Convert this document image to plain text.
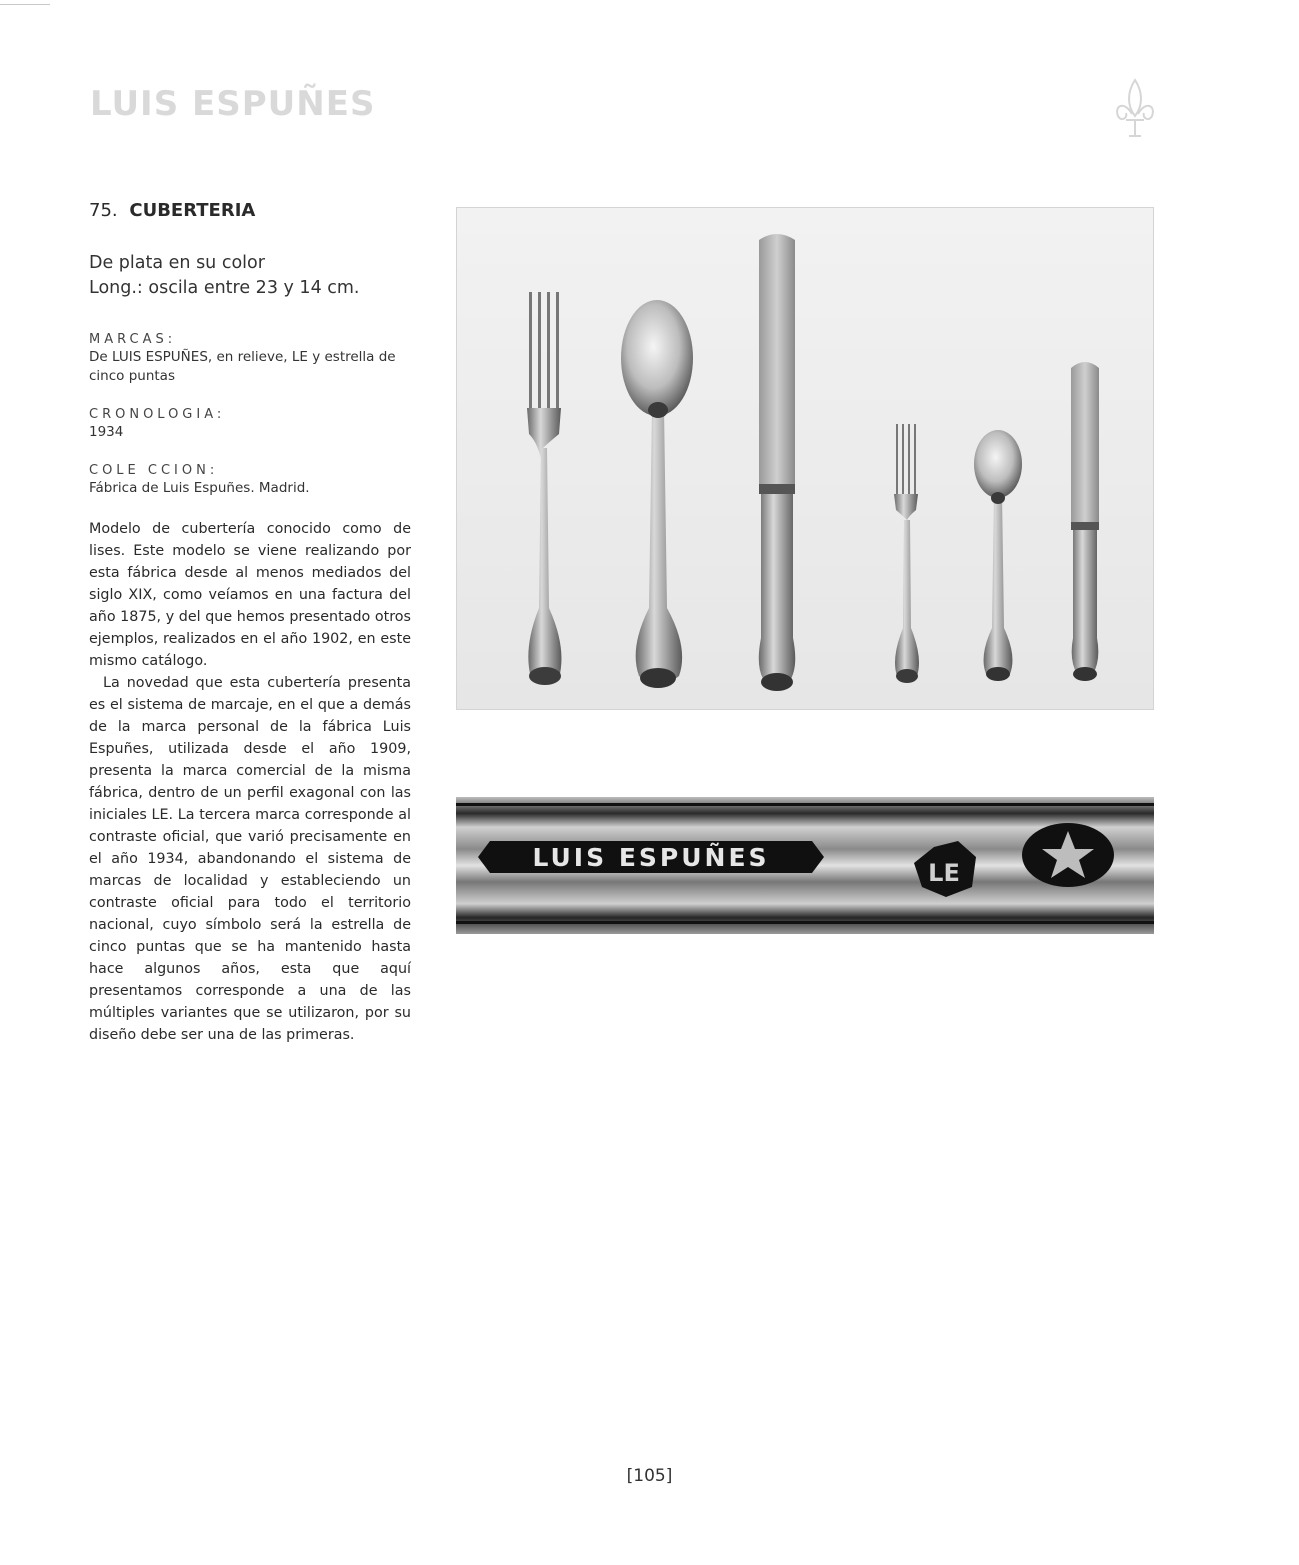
LUIS ESPUÑES
75. CUBERTERIA
De plata en su color
Long.: oscila entre 23 y 14 cm.

MARCAS:

De LUIS ESPUÑES, en relieve, LE y estrella de cinco puntas

CRONOLOGIA:

1934

COLE CCION:

Fábrica de Luis Espuñes. Madrid.

Modelo de cubertería conocido como de lises. Este modelo se viene realizando por esta fábrica desde al menos mediados del siglo XIX, como veíamos en una factura del año 1875, y del que hemos presentado otros ejemplos, realizados en el año 1902, en este mismo catálogo.

La novedad que esta cubertería presenta es el sistema de marcaje, en el que a demás de la marca personal de la fábrica Luis Espuñes, utilizada desde el año 1909, presenta la marca comercial de la misma fábrica, dentro de un perfil exagonal con las iniciales LE. La tercera marca corresponde al contraste oficial, que varió precisamente en el año 1934, abandonando el sistema de marcas de localidad y estableciendo un contraste oficial para todo el territorio nacional, cuyo símbolo será la estrella de cinco puntas que se ha mantenido hasta hace algunos años, esta que aquí presentamos corresponde a una de las múltiples variantes que se utilizaron, por su diseño debe ser una de las primeras.

LUIS ESPUÑES
LE
[105]
